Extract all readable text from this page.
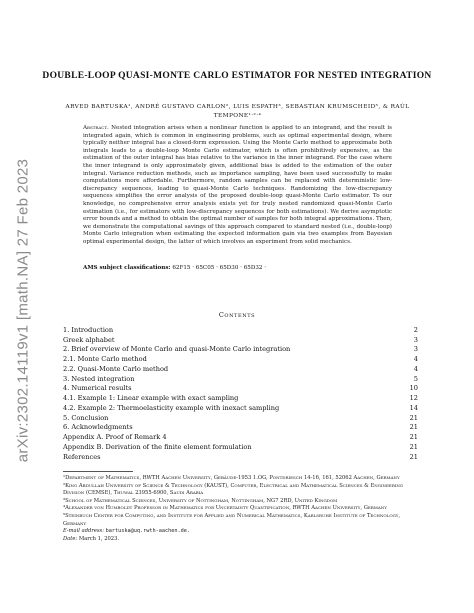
arXiv:2302.14119v1 [math.NA] 27 Feb 2023
DOUBLE-LOOP QUASI-MONTE CARLO ESTIMATOR FOR NESTED INTEGRATION
ARVED BARTUSKA¹, ANDRÉ GUSTAVO CARLON², LUIS ESPATH³, SEBASTIAN KRUMSCHEID⁵, & RAÚL
TEMPONE¹·²·⁴
Abstract. Nested integration arises when a nonlinear function is applied to an integrand, and the result is integrated again, which is common in engineering problems, such as optimal experimental design, where typically neither integral has a closed-form expression. Using the Monte Carlo method to approximate both integrals leads to a double-loop Monte Carlo estimator, which is often prohibitively expensive, as the estimation of the outer integral has bias relative to the variance in the inner integrand. For the case where the inner integrand is only approximately given, additional bias is added to the estimation of the outer integral. Variance reduction methods, such as importance sampling, have been used successfully to make computations more affordable. Furthermore, random samples can be replaced with deterministic low-discrepancy sequences, leading to quasi-Monte Carlo techniques. Randomizing the low-discrepancy sequences simplifies the error analysis of the proposed double-loop quasi-Monte Carlo estimator. To our knowledge, no comprehensive error analysis exists yet for truly nested randomized quasi-Monte Carlo estimation (i.e., for estimators with low-discrepancy sequences for both estimations). We derive asymptotic error bounds and a method to obtain the optimal number of samples for both integral approximations. Then, we demonstrate the computational savings of this approach compared to standard nested (i.e., double-loop) Monte Carlo integration when estimating the expected information gain via two examples from Bayesian optimal experimental design, the latter of which involves an experiment from solid mechanics.
AMS subject classifications: 62F15 · 65C05 · 65D30 · 65D32 ·
Contents
1. Introduction	2
Greek alphabet	3
2. Brief overview of Monte Carlo and quasi-Monte Carlo integration	3
2.1. Monte Carlo method	4
2.2. Quasi-Monte Carlo method	4
3. Nested integration	5
4. Numerical results	10
4.1. Example 1: Linear example with exact sampling	12
4.2. Example 2: Thermoelasticity example with inexact sampling	14
5. Conclusion	21
6. Acknowledgments	21
Appendix A. Proof of Remark 4	21
Appendix B. Derivation of the finite element formulation	21
References	21
¹Department of Mathematics, RWTH Aachen University, Gebäude-1953 1.OG, Pontdriesch 14-16, 161, 52062 Aachen, Germany
²King Abdullah University of Science & Technology (KAUST), Computer, Electrical and Mathematical Sciences & Engineering Division (CEMSE), Thuwal 23955-6900, Saudi Arabia
³School of Mathematical Sciences, University of Nottingham, Nottingham, NG7 2RD, United Kingdom
⁴Alexander von Humboldt Professor in Mathematics for Uncertainty Quantification, RWTH Aachen University, Germany
⁵Steinbuch Center for Computing, and Institute for Applied and Numerical Mathematics, Karlsruhe Institute of Technology, Germany
E-mail address: bartuska@uq.rwth-aachen.de.
Date: March 1, 2023.
